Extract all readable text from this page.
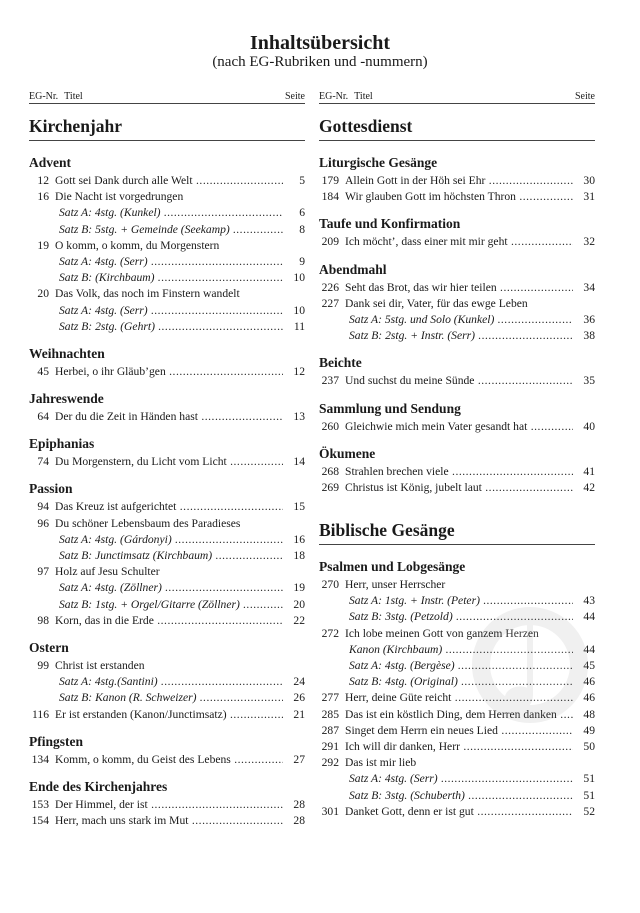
Inhaltsübersicht
(nach EG-Rubriken und -nummern)
EG-Nr. Titel	Seite
Kirchenjahr
Advent
12 Gott sei Dank durch alle Welt .....	5
16 Die Nacht ist vorgedrungen
Satz A: 4stg. (Kunkel) .....	6
Satz B: 5stg. + Gemeinde (Seekamp) .....	8
19 O komm, o komm, du Morgenstern
Satz A: 4stg. (Serr) .....	9
Satz B: (Kirchbaum) .....	10
20 Das Volk, das noch im Finstern wandelt
Satz A: 4stg. (Serr) .....	10
Satz B: 2stg. (Gehrt) .....	11
Weihnachten
45 Herbei, o ihr Gläub’gen .....	12
Jahreswende
64 Der du die Zeit in Händen hast .....	13
Epiphanias
74 Du Morgenstern, du Licht vom Licht .....	14
Passion
94 Das Kreuz ist aufgerichtet .....	15
96 Du schöner Lebensbaum des Paradieses
Satz A: 4stg. (Gárdonyi) .....	16
Satz B: Junctimsatz (Kirchbaum) .....	18
97 Holz auf Jesu Schulter
Satz A: 4stg. (Zöllner) .....	19
Satz B: 1stg. + Orgel/Gitarre (Zöllner) .....	20
98 Korn, das in die Erde .....	22
Ostern
99 Christ ist erstanden
Satz A: 4stg.(Santini) .....	24
Satz B: Kanon (R. Schweizer) .....	26
116 Er ist erstanden (Kanon/Junctimsatz) .....	21
Pfingsten
134 Komm, o komm, du Geist des Lebens .....	27
Ende des Kirchenjahres
153 Der Himmel, der ist .....	28
154 Herr, mach uns stark im Mut .....	28
EG-Nr. Titel	Seite
Gottesdienst
Liturgische Gesänge
179 Allein Gott in der Höh sei Ehr .....	30
184 Wir glauben Gott im höchsten Thron .....	31
Taufe und Konfirmation
209 Ich möcht’, dass einer mit mir geht .....	32
Abendmahl
226 Seht das Brot, das wir hier teilen .....	34
227 Dank sei dir, Vater, für das ewge Leben
Satz A: 5stg. und Solo (Kunkel) .....	36
Satz B: 2stg. + Instr. (Serr) .....	38
Beichte
237 Und suchst du meine Sünde .....	35
Sammlung und Sendung
260 Gleichwie mich mein Vater gesandt hat .....	40
Ökumene
268 Strahlen brechen viele .....	41
269 Christus ist König, jubelt laut .....	42
Biblische Gesänge
Psalmen und Lobgesänge
270 Herr, unser Herrscher
Satz A: 1stg. + Instr. (Peter) .....	43
Satz B: 3stg. (Petzold) .....	44
272 Ich lobe meinen Gott von ganzem Herzen
Kanon (Kirchbaum) .....	44
Satz A: 4stg. (Bergèse) .....	45
Satz B: 4stg. (Original) .....	46
277 Herr, deine Güte reicht .....	46
285 Das ist ein köstlich Ding, dem Herren danken .....	48
287 Singet dem Herrn ein neues Lied .....	49
291 Ich will dir danken, Herr .....	50
292 Das ist mir lieb
Satz A: 4stg. (Serr) .....	51
Satz B: 3stg. (Schuberth) .....	51
301 Danket Gott, denn er ist gut .....	52
